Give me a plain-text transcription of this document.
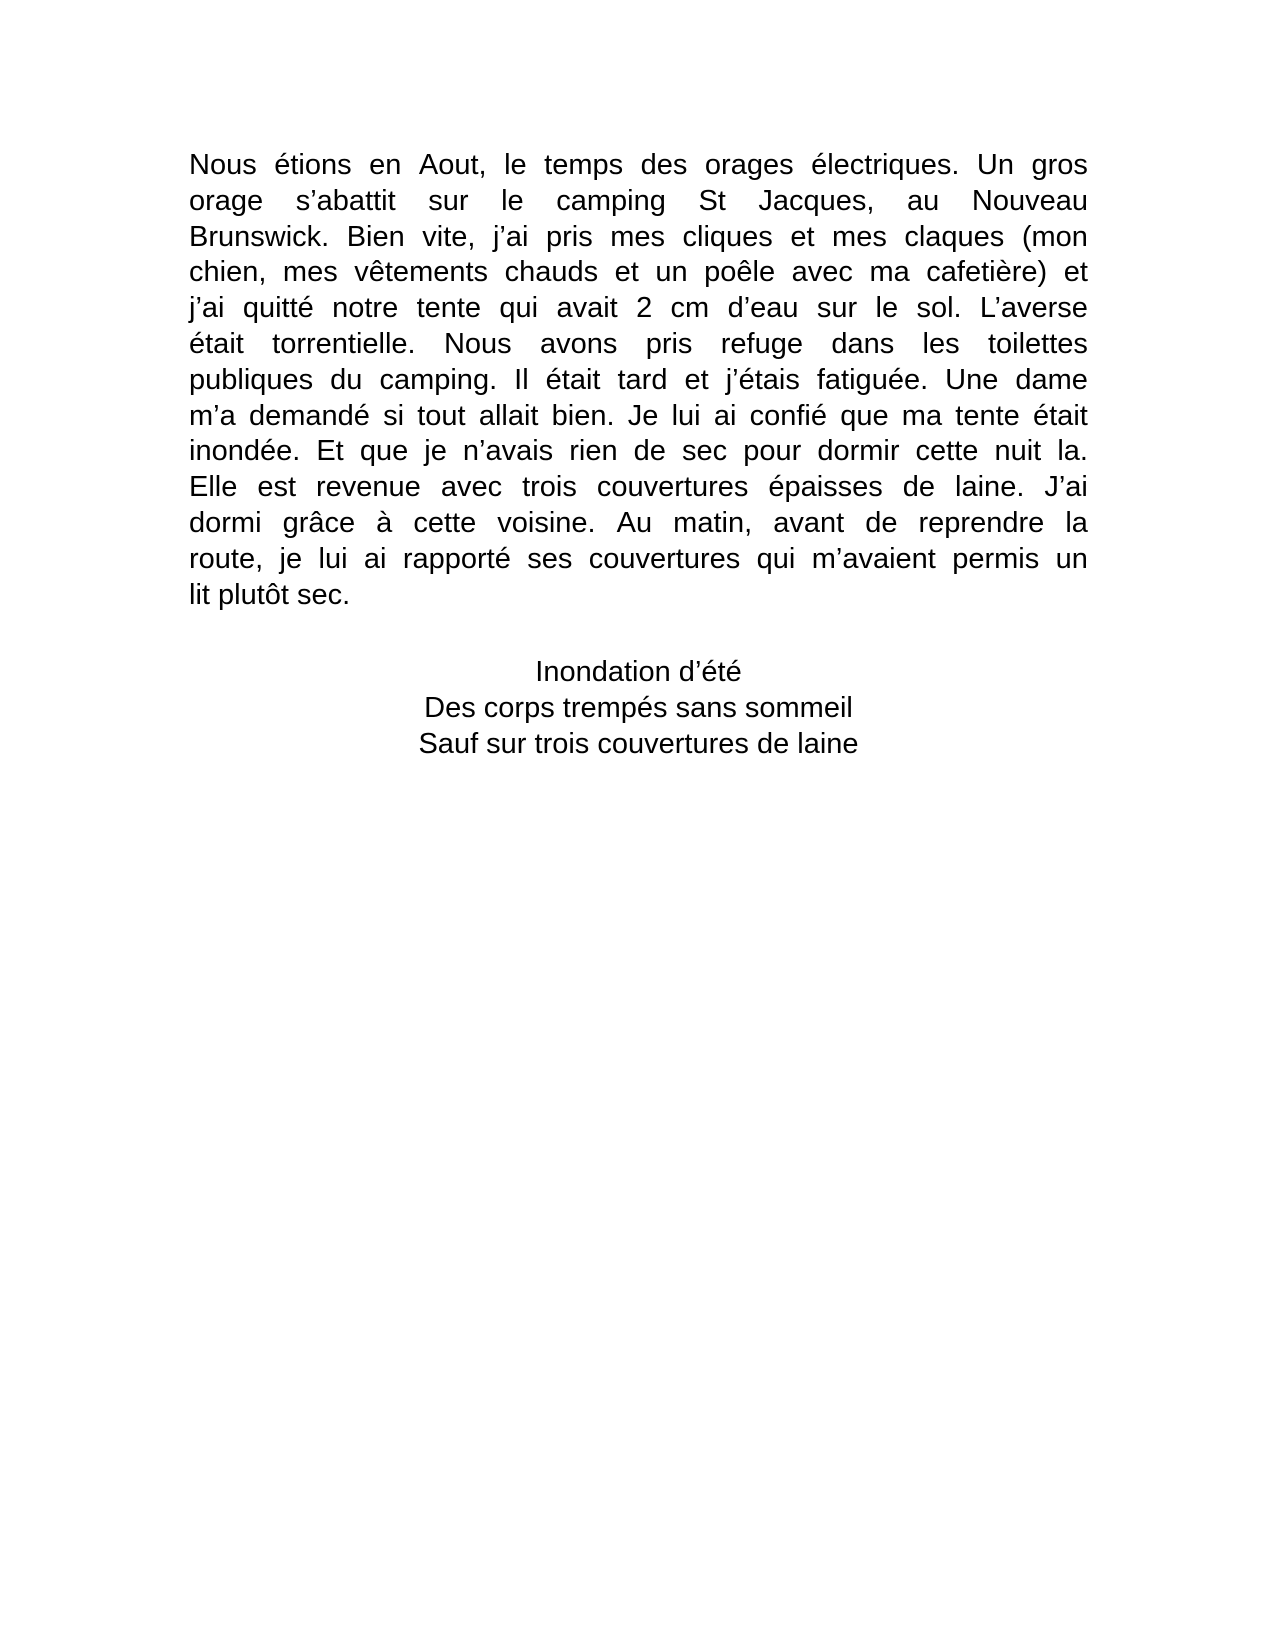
Nous étions en Aout, le temps des orages électriques. Un gros
orage s’abattit sur le camping St Jacques, au Nouveau
Brunswick. Bien vite, j’ai pris mes cliques et mes claques (mon
chien, mes vêtements chauds et un poêle avec ma cafetière) et
j’ai quitté notre tente qui avait 2 cm d’eau sur le sol. L’averse
était torrentielle. Nous avons pris refuge dans les toilettes
publiques du camping. Il était tard et j’étais fatiguée. Une dame
m’a demandé si tout allait bien. Je lui ai confié que ma tente était
inondée. Et que je n’avais rien de sec pour dormir cette nuit la.
Elle est revenue avec trois couvertures épaisses de laine. J’ai
dormi grâce à cette voisine. Au matin, avant de reprendre la
route, je lui ai rapporté ses couvertures qui m’avaient permis un
lit plutôt sec.
Inondation d’été
Des corps trempés sans sommeil
Sauf sur trois couvertures de laine
